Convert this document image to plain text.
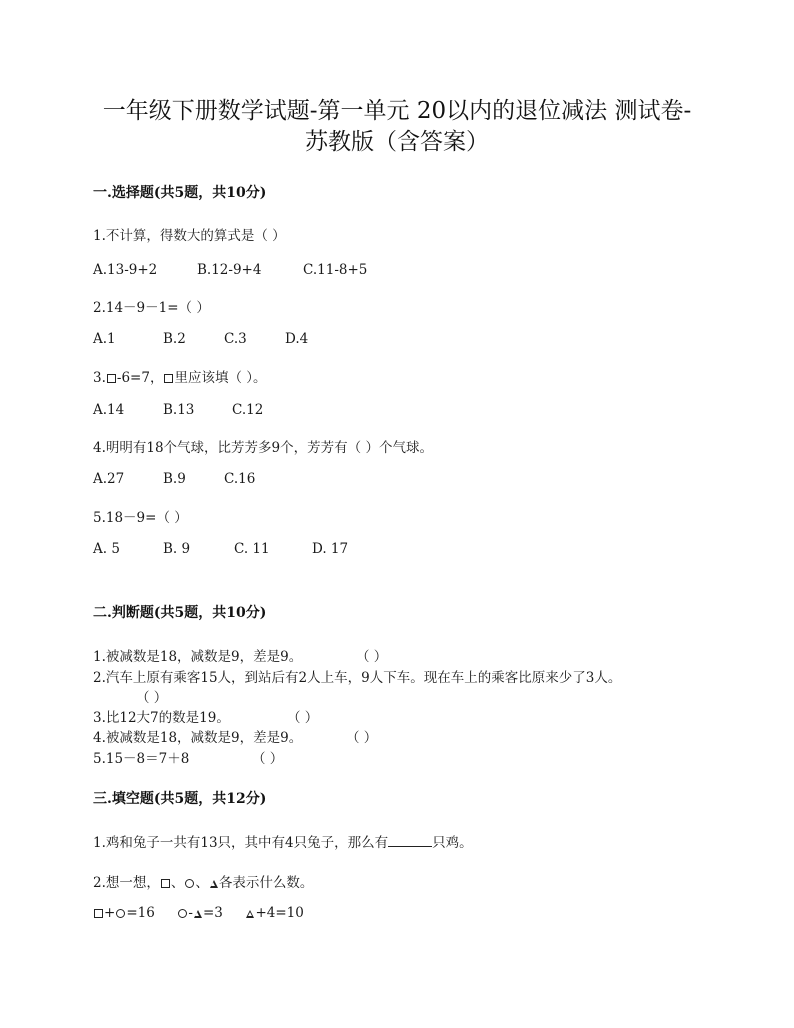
一年级下册数学试题-第一单元 20以内的退位减法 测试卷-
苏教版（含答案）
一.选择题(共5题，共10分)
1.不计算，得数大的算式是（ ）
A.13-9+2	B.12-9+4	C.11-8+5
2.14－9－1=（ ）
A.1	B.2	C.3	D.4
3. -6=7， 里应该填（ ）。
A.14	B.13	C.12
4.明明有18个气球，比芳芳多9个，芳芳有（ ）个气球。
A.27	B.9	C.16
5.18－9=（ ）
A. 5	B. 9	C. 11	D. 17
二.判断题(共5题，共10分)
1.被减数是18，减数是9，差是9。	（ ）
2.汽车上原有乘客15人，到站后有2人上车，9人下车。现在车上的乘客比原来少了3人。
（ ）
3.比12大7的数是19。	（ ）
4.被减数是18，减数是9，差是9。	（ ）
5.15－8＝7＋8	（ ）
三.填空题(共5题，共12分)
1.鸡和兔子一共有13只，其中有4只兔子，那么有	只鸡。
2.想一想， 、 、 各表示什么数。
+ =16 - =3 +4=10
